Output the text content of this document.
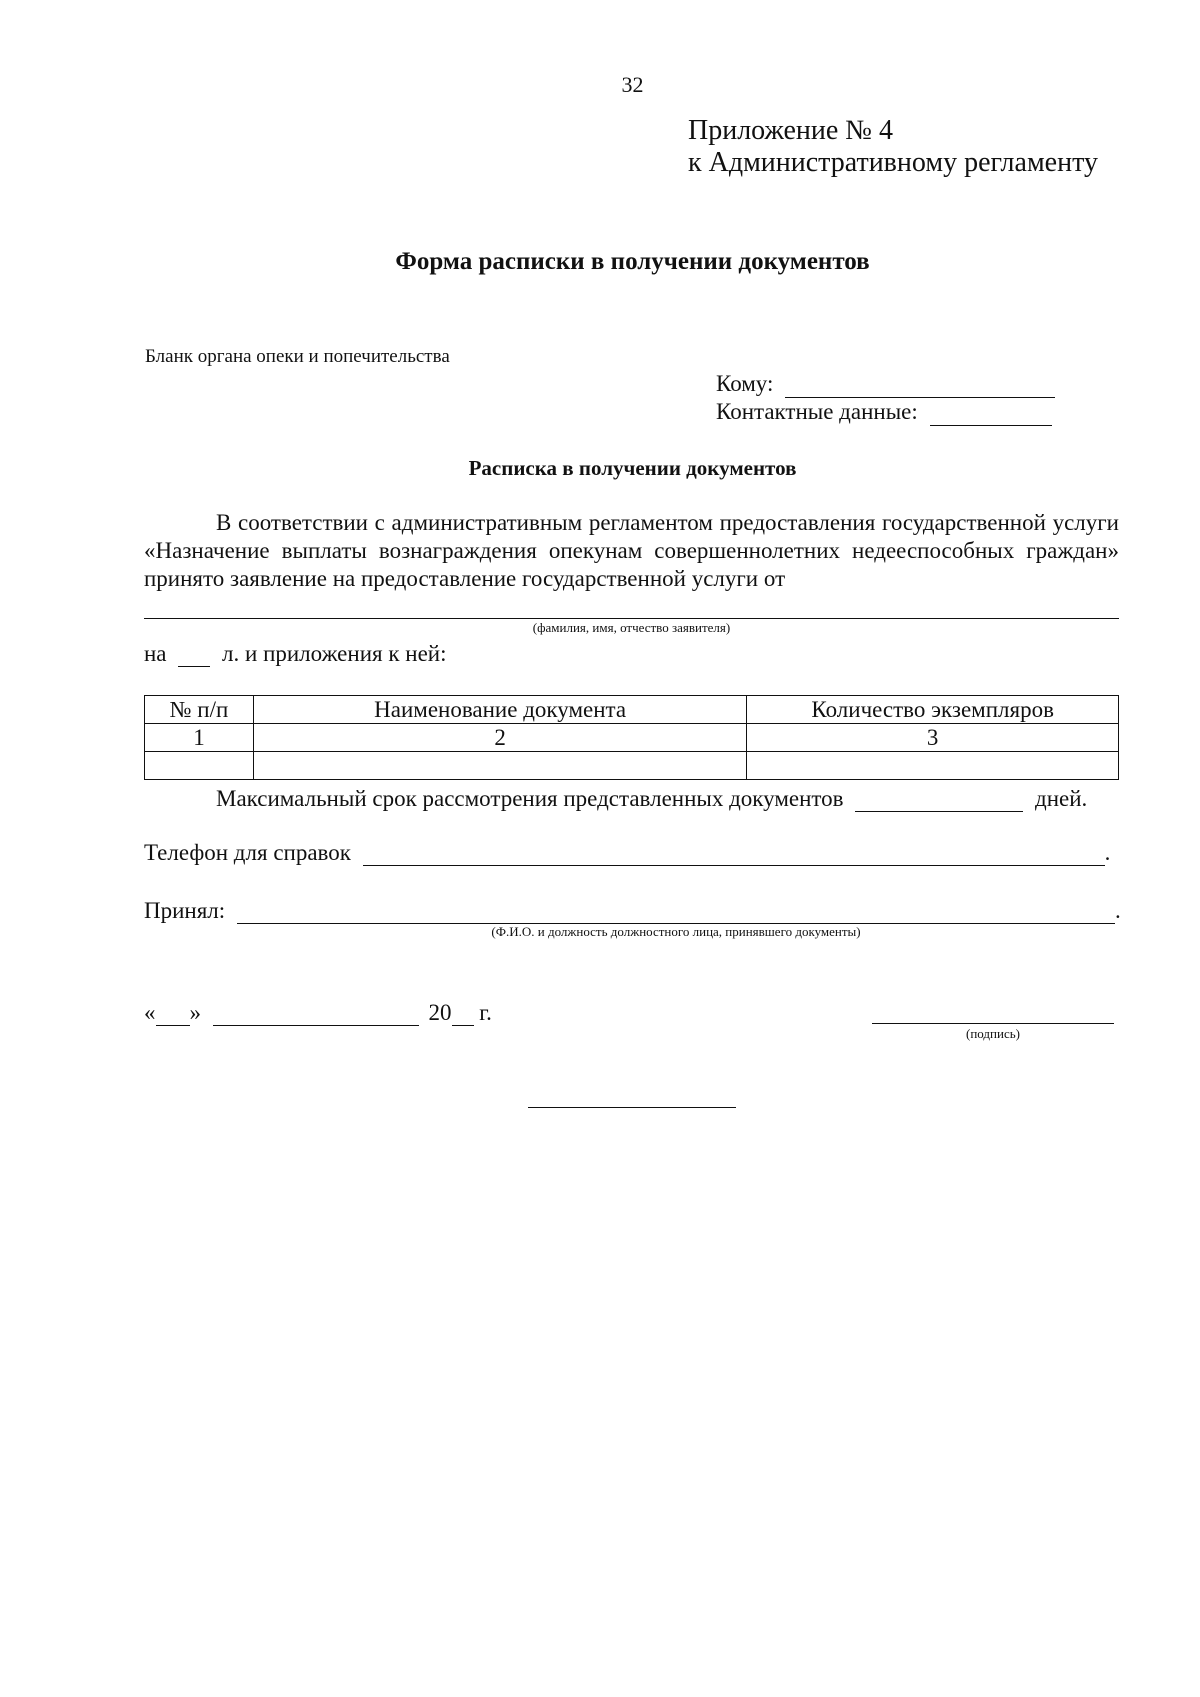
32
Приложение № 4
к Административному регламенту
Форма расписки в получении документов
Бланк органа опеки и попечительства
Кому:
Контактные данные:
Расписка в получении документов
В соответствии с административным регламентом предоставления государственной услуги «Назначение выплаты вознаграждения опекунам совершеннолетних недееспособных граждан» принято заявление на предоставление государственной услуги от
(фамилия, имя, отчество заявителя)
на л. и приложения к ней:
№ п/п	Наименование документа	Количество экземпляров
1	2	3

Максимальный срок рассмотрения представленных документов	дней.
Телефон для справок	.
Принял:	.
(Ф.И.О. и должность должностного лица, принявшего документы)
« »	20 г.
(подпись)
